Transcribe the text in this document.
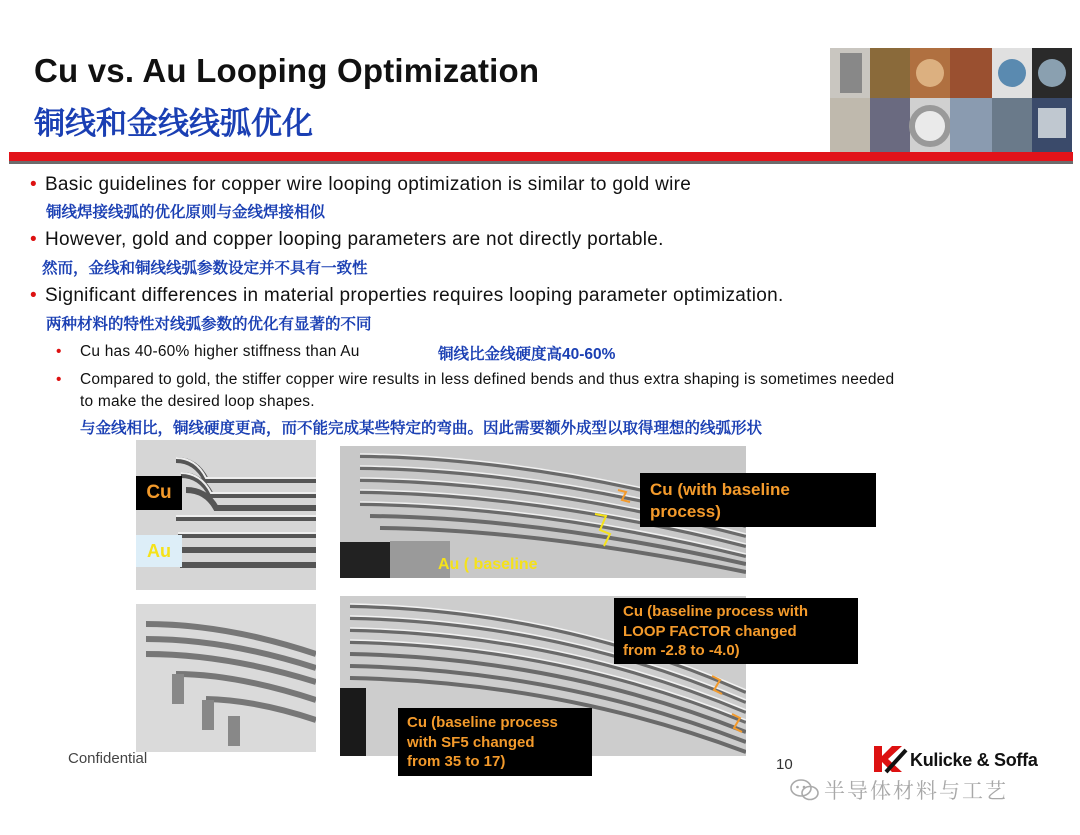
Cu vs. Au Looping Optimization
铜线和金线线弧优化
• Basic guidelines for copper wire looping optimization is similar to gold wire
铜线焊接线弧的优化原则与金线焊接相似
• However, gold and copper looping parameters are not directly portable.
然而，金线和铜线线弧参数设定并不具有一致性
• Significant differences in material properties requires looping parameter optimization.
两种材料的特性对线弧参数的优化有显著的不同
• Cu has 40-60% higher stiffness than Au	铜线比金线硬度高40-60%
• Compared to gold, the stiffer copper wire results in less defined bends and thus extra shaping is sometimes needed
to make the desired loop shapes.
与金线相比，铜线硬度更高，而不能完成某些特定的弯曲。因此需要额外成型以取得理想的线弧形状
Cu
Au
Au ( baseline
Cu (with baseline
process)
Cu (baseline process with
LOOP FACTOR changed
from -2.8 to -4.0)
Cu (baseline process
with SF5 changed
from 35 to 17)
Confidential	10	Kulicke & Soffa
半导体材料与工艺
